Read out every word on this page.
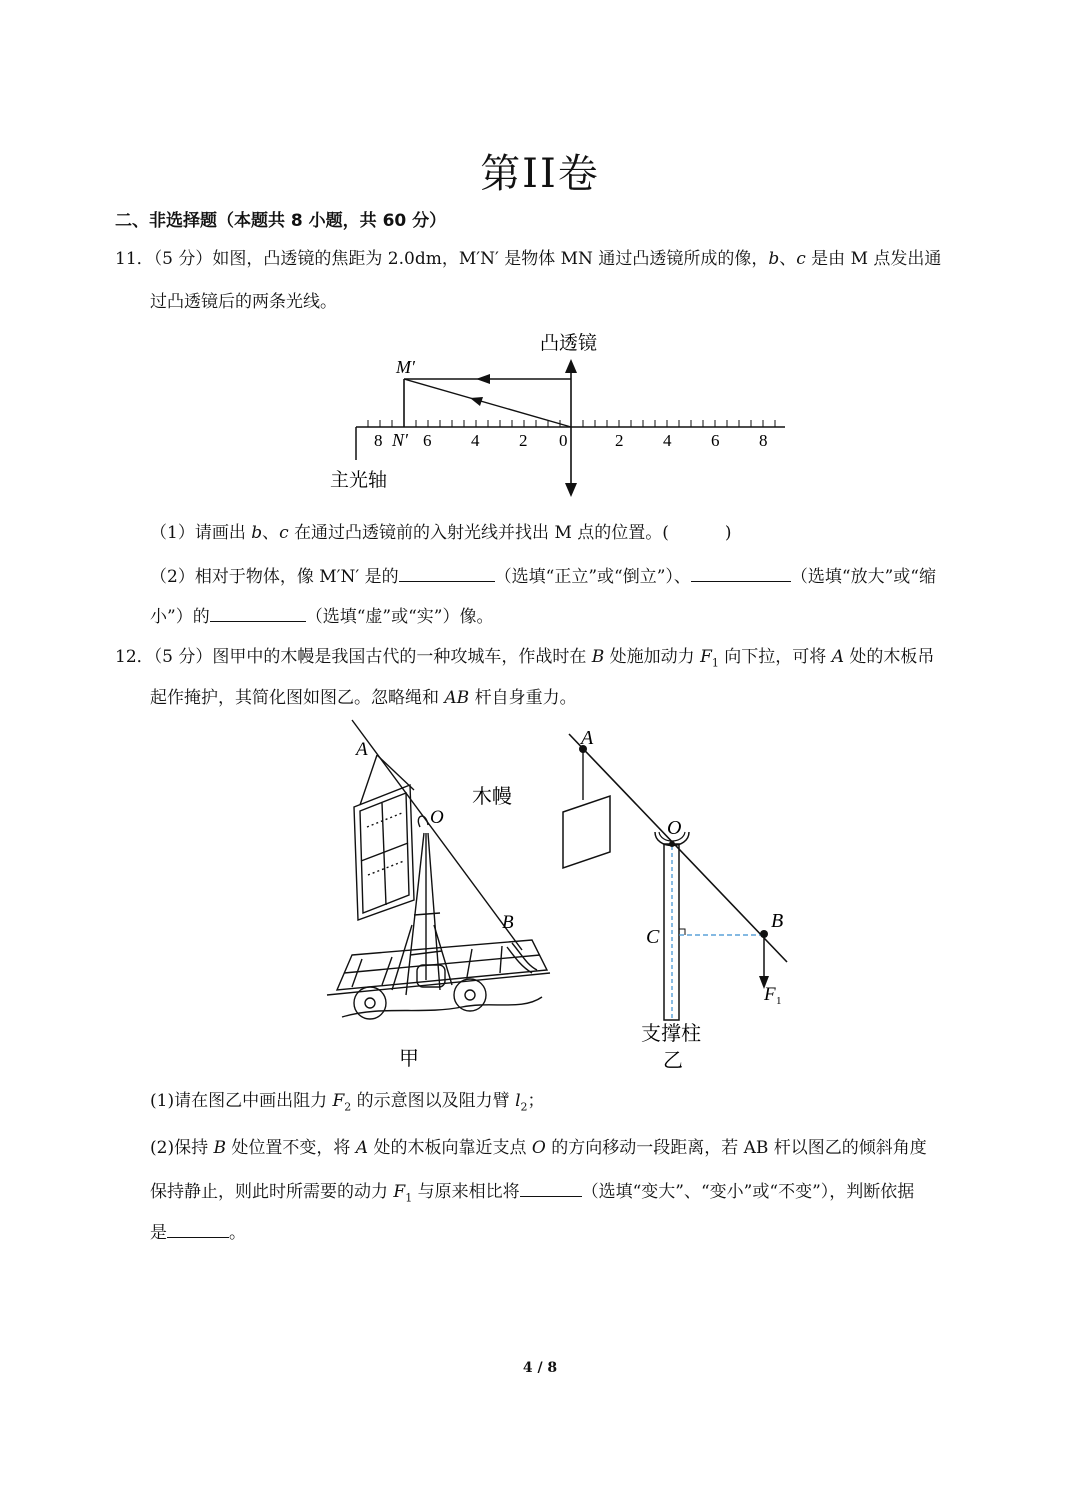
第II卷
二、非选择题（本题共 8 小题，共 60 分）
11．（5 分）如图，凸透镜的焦距为 2.0dm，M′N′ 是物体 MN 通过凸透镜所成的像，b、c 是由 M 点发出通
过凸透镜后的两条光线。
凸透镜
8 6 4 2 0	2 4 6 8
M′
N′
主光轴
（1）请画出 b、c 在通过凸透镜前的入射光线并找出 M 点的位置。(	)
（2）相对于物体，像 M′N′ 是的	（选填“正立”或“倒立”）、	（选填“放大”或“缩
小”）的	（选填“虚”或“实”）像。
12．（5 分）图甲中的木幔是我国古代的一种攻城车，作战时在 B 处施加动力 $F_1$ 向下拉，可将 A 处的木板吊
起作掩护，其简化图如图乙。忽略绳和 AB 杆自身重力。
A
O
B
木幔
甲
A
O
B
C
F 1
支撑柱
乙
(1)请在图乙中画出阻力 $F_2$ 的示意图以及阻力臂 $l_2$；
(2)保持 B 处位置不变，将 A 处的木板向靠近支点 O 的方向移动一段距离，若 AB 杆以图乙的倾斜角度
保持静止，则此时所需要的动力 $F_1$ 与原来相比将	（选填“变大”、“变小”或“不变”），判断依据
是	。
4 / 8
